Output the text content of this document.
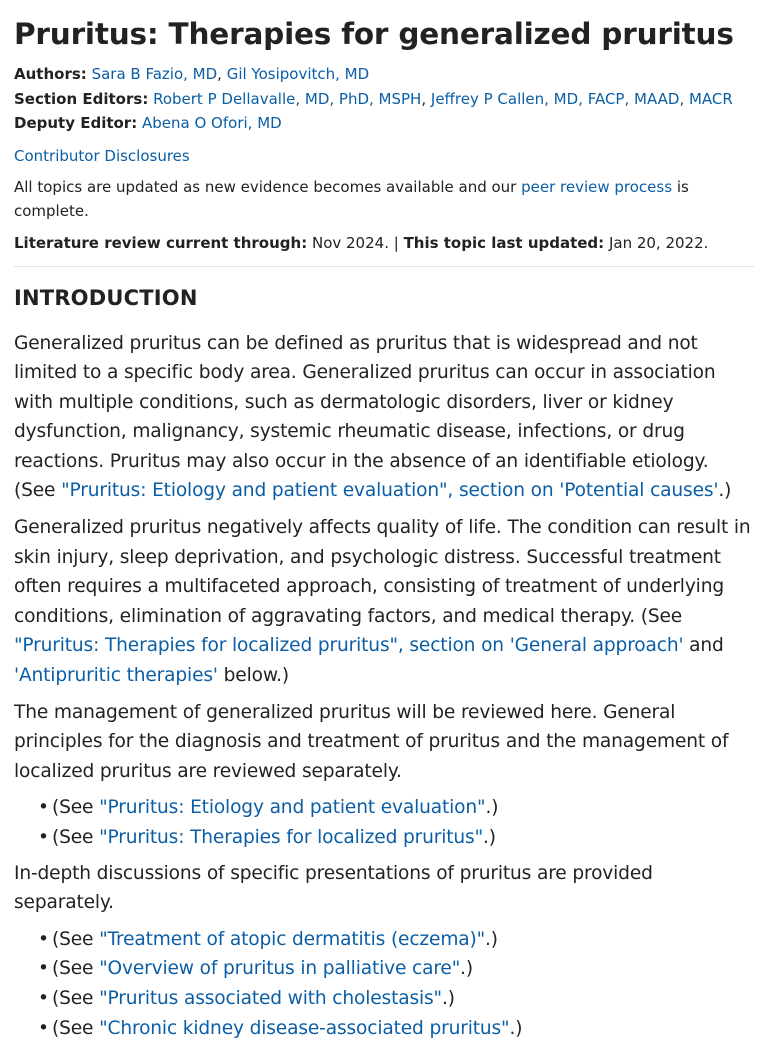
Pruritus: Therapies for generalized pruritus
Authors: Sara B Fazio, MD, Gil Yosipovitch, MD
Section Editors: Robert P Dellavalle, MD, PhD, MSPH, Jeffrey P Callen, MD, FACP, MAAD, MACR
Deputy Editor: Abena O Ofori, MD
Contributor Disclosures
All topics are updated as new evidence becomes available and our peer review process is complete.
Literature review current through: Nov 2024. | This topic last updated: Jan 20, 2022.
INTRODUCTION

Generalized pruritus can be defined as pruritus that is widespread and not limited to a specific body area. Generalized pruritus can occur in association with multiple conditions, such as dermatologic disorders, liver or kidney dysfunction, malignancy, systemic rheumatic disease, infections, or drug reactions. Pruritus may also occur in the absence of an identifiable etiology. (See "Pruritus: Etiology and patient evaluation", section on 'Potential causes'.)

Generalized pruritus negatively affects quality of life. The condition can result in skin injury, sleep deprivation, and psychologic distress. Successful treatment often requires a multifaceted approach, consisting of treatment of underlying conditions, elimination of aggravating factors, and medical therapy. (See "Pruritus: Therapies for localized pruritus", section on 'General approach' and 'Antipruritic therapies' below.)

The management of generalized pruritus will be reviewed here. General principles for the diagnosis and treatment of pruritus and the management of localized pruritus are reviewed separately.

• (See "Pruritus: Etiology and patient evaluation".)
• (See "Pruritus: Therapies for localized pruritus".)

In-depth discussions of specific presentations of pruritus are provided separately.

• (See "Treatment of atopic dermatitis (eczema)".)
• (See "Overview of pruritus in palliative care".)
• (See "Pruritus associated with cholestasis".)
• (See "Chronic kidney disease-associated pruritus".)
